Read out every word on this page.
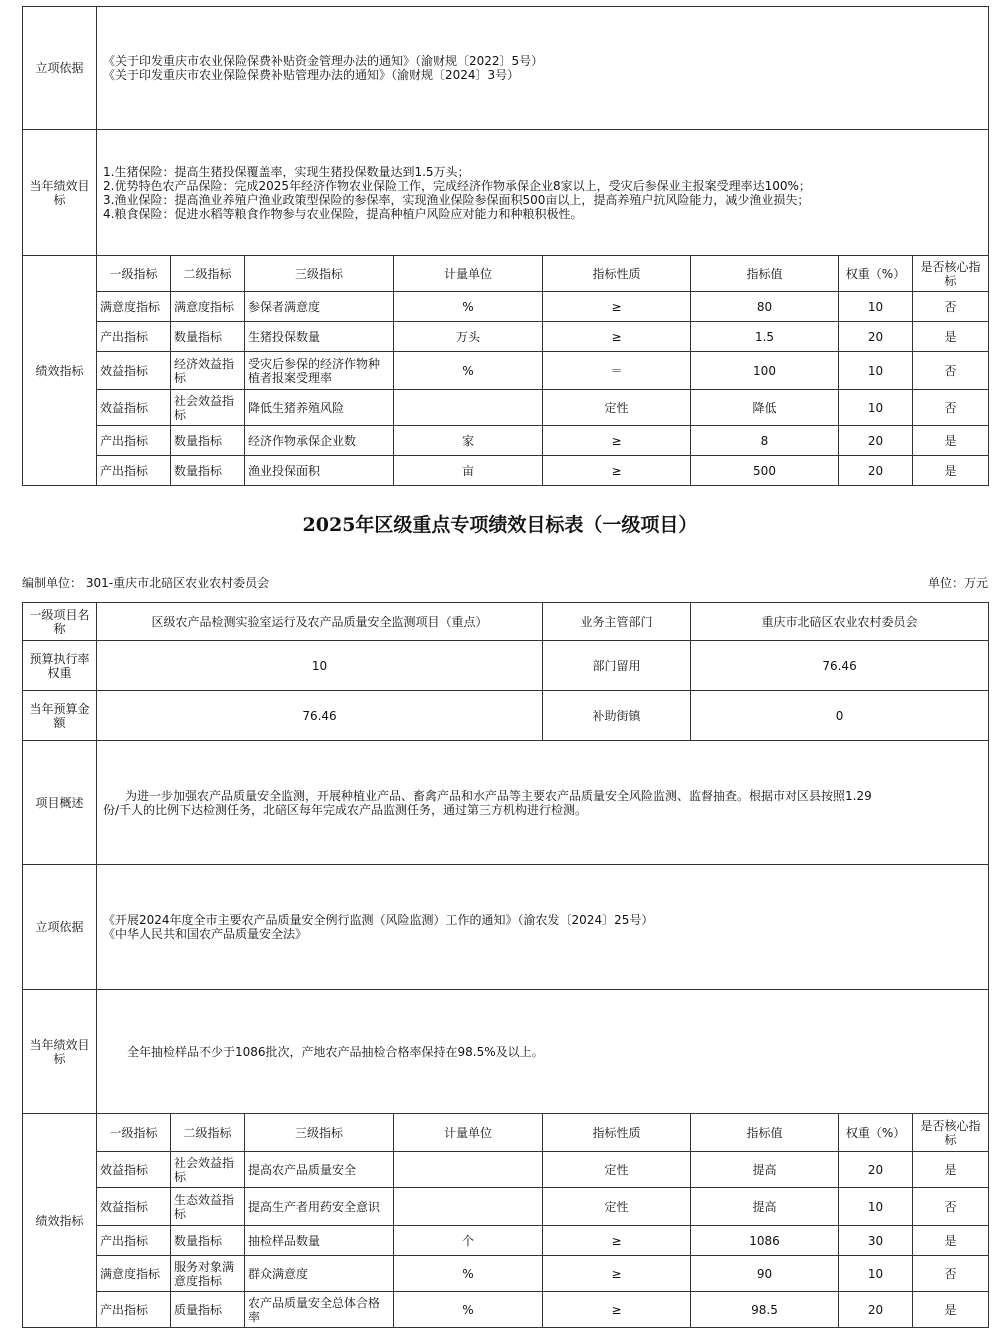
立项依据	《关于印发重庆市农业保险保费补贴资金管理办法的通知》（渝财规〔2022〕5号）
《关于印发重庆市农业保险保费补贴管理办法的通知》（渝财规〔2024〕3号）							

当年绩效目标	1.生猪保险：提高生猪投保覆盖率，实现生猪投保数量达到1.5万头；
2.优势特色农产品保险：完成2025年经济作物农业保险工作，完成经济作物承保企业8家以上，受灾后参保业主报案受理率达100%；
3.渔业保险：提高渔业养殖户渔业政策型保险的参保率，实现渔业保险参保面积500亩以上，提高养殖户抗风险能力，减少渔业损失；
4.粮食保险：促进水稻等粮食作物参与农业保险，提高种植户风险应对能力和种粮积极性。							

绩效指标	一级指标	二级指标	三级指标	计量单位	指标性质	指标值	权重（%）	是否核心指标
	满意度指标	满意度指标	参保者满意度	%	≥	80	10	否
	产出指标	数量指标	生猪投保数量	万头	≥	1.5	20	是
	效益指标	经济效益指标	受灾后参保的经济作物种植者报案受理率	%	＝	100	10	否
	效益指标	社会效益指标	降低生猪养殖风险		定性	降低	10	否
	产出指标	数量指标	经济作物承保企业数	家	≥	8	20	是
	产出指标	数量指标	渔业投保面积	亩	≥	500	20	是
2025年区级重点专项绩效目标表（一级项目）
编制单位： 301-重庆市北碚区农业农村委员会	单位：万元
一级项目名称	区级农产品检测实验室运行及农产品质量安全监测项目（重点）				业务主管部门	重庆市北碚区农业农村委员会		
预算执行率权重	10				部门留用	76.46		
当年预算金额	76.46				补助街镇	0		
项目概述	为进一步加强农产品质量安全监测，开展种植业产品、畜禽产品和水产品等主要农产品质量安全风险监测、监督抽查。根据市对区县按照1.29
份/千人的比例下达检测任务，北碚区每年完成农产品监测任务，通过第三方机构进行检测。							

立项依据	《开展2024年度全市主要农产品质量安全例行监测（风险监测）工作的通知》（渝农发〔2024〕25号）
《中华人民共和国农产品质量安全法》							

当年绩效目标	全年抽检样品不少于1086批次，产地农产品抽检合格率保持在98.5%及以上。							
绩效指标	一级指标	二级指标	三级指标	计量单位	指标性质	指标值	权重（%）	是否核心指标
	效益指标	社会效益指标	提高农产品质量安全		定性	提高	20	是
	效益指标	生态效益指标	提高生产者用药安全意识		定性	提高	10	否
	产出指标	数量指标	抽检样品数量	个	≥	1086	30	是
	满意度指标	服务对象满意度指标	群众满意度	%	≥	90	10	否
	产出指标	质量指标	农产品质量安全总体合格率	%	≥	98.5	20	是
